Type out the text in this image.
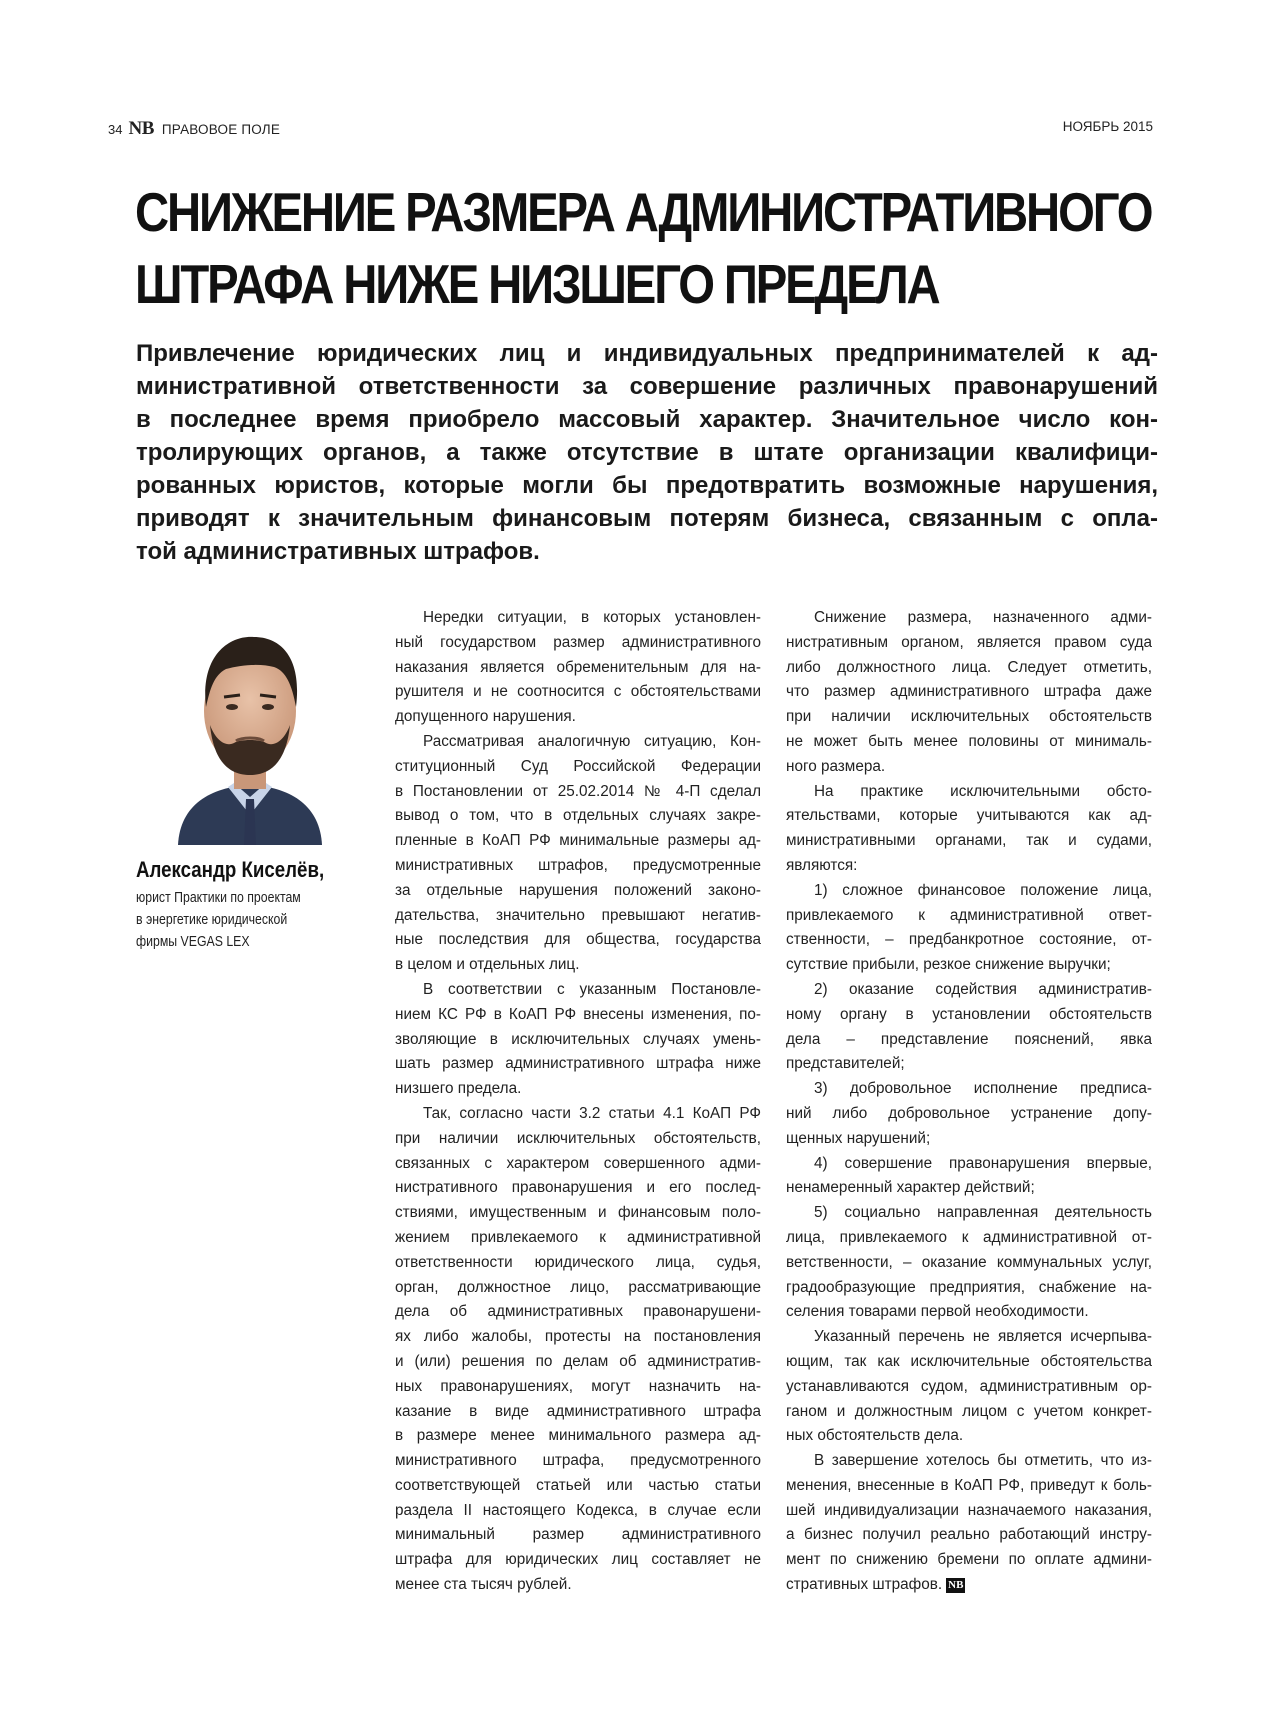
34 NB ПРАВОВОЕ ПОЛЕ	НОЯБРЬ 2015
СНИЖЕНИЕ РАЗМЕРА АДМИНИСТРАТИВНОГО
ШТРАФА НИЖЕ НИЗШЕГО ПРЕДЕЛА
Привлечение юридических лиц и индивидуальных предпринимателей к ад-
министративной ответственности за совершение различных правонарушений
в последнее время приобрело массовый характер. Значительное число кон-
тролирующих органов, а также отсутствие в штате организации квалифици-
рованных юристов, которые могли бы предотвратить возможные нарушения,
приводят к значительным финансовым потерям бизнеса, связанным с опла-
той административных штрафов.
Александр Киселёв,
юрист Практики по проектам
в энергетике юридической
фирмы VEGAS LEX
Нередки ситуации, в которых установлен-
ный государством размер административного
наказания является обременительным для на-
рушителя и не соотносится с обстоятельствами
допущенного нарушения.
Рассматривая аналогичную ситуацию, Кон-
ституционный Суд Российской Федерации
в Постановлении от 25.02.2014 № 4-П сделал
вывод о том, что в отдельных случаях закре-
пленные в КоАП РФ минимальные размеры ад-
министративных штрафов, предусмотренные
за отдельные нарушения положений законо-
дательства, значительно превышают негатив-
ные последствия для общества, государства
в целом и отдельных лиц.
В соответствии с указанным Постановле-
нием КС РФ в КоАП РФ внесены изменения, по-
зволяющие в исключительных случаях умень-
шать размер административного штрафа ниже
низшего предела.
Так, согласно части 3.2 статьи 4.1 КоАП РФ
при наличии исключительных обстоятельств,
связанных с характером совершенного адми-
нистративного правонарушения и его послед-
ствиями, имущественным и финансовым поло-
жением привлекаемого к административной
ответственности юридического лица, судья,
орган, должностное лицо, рассматривающие
дела об административных правонарушени-
ях либо жалобы, протесты на постановления
и (или) решения по делам об административ-
ных правонарушениях, могут назначить на-
казание в виде административного штрафа
в размере менее минимального размера ад-
министративного штрафа, предусмотренного
соответствующей статьей или частью статьи
раздела II настоящего Кодекса, в случае если
минимальный размер административного
штрафа для юридических лиц составляет не
менее ста тысяч рублей.
Снижение размера, назначенного адми-
нистративным органом, является правом суда
либо должностного лица. Следует отметить,
что размер административного штрафа даже
при наличии исключительных обстоятельств
не может быть менее половины от минималь-
ного размера.
На практике исключительными обсто-
ятельствами, которые учитываются как ад-
министративными органами, так и судами,
являются:
1) сложное финансовое положение лица,
привлекаемого к административной ответ-
ственности, – предбанкротное состояние, от-
сутствие прибыли, резкое снижение выручки;
2) оказание содействия административ-
ному органу в установлении обстоятельств
дела – представление пояснений, явка
представителей;
3) добровольное исполнение предписа-
ний либо добровольное устранение допу-
щенных нарушений;
4) совершение правонарушения впервые,
ненамеренный характер действий;
5) социально направленная деятельность
лица, привлекаемого к административной от-
ветственности, – оказание коммунальных услуг,
градообразующие предприятия, снабжение на-
селения товарами первой необходимости.
Указанный перечень не является исчерпыва-
ющим, так как исключительные обстоятельства
устанавливаются судом, административным ор-
ганом и должностным лицом с учетом конкрет-
ных обстоятельств дела.
В завершение хотелось бы отметить, что из-
менения, внесенные в КоАП РФ, приведут к боль-
шей индивидуализации назначаемого наказания,
а бизнес получил реально работающий инстру-
мент по снижению бремени по оплате админи-
стративных штрафов. NB
